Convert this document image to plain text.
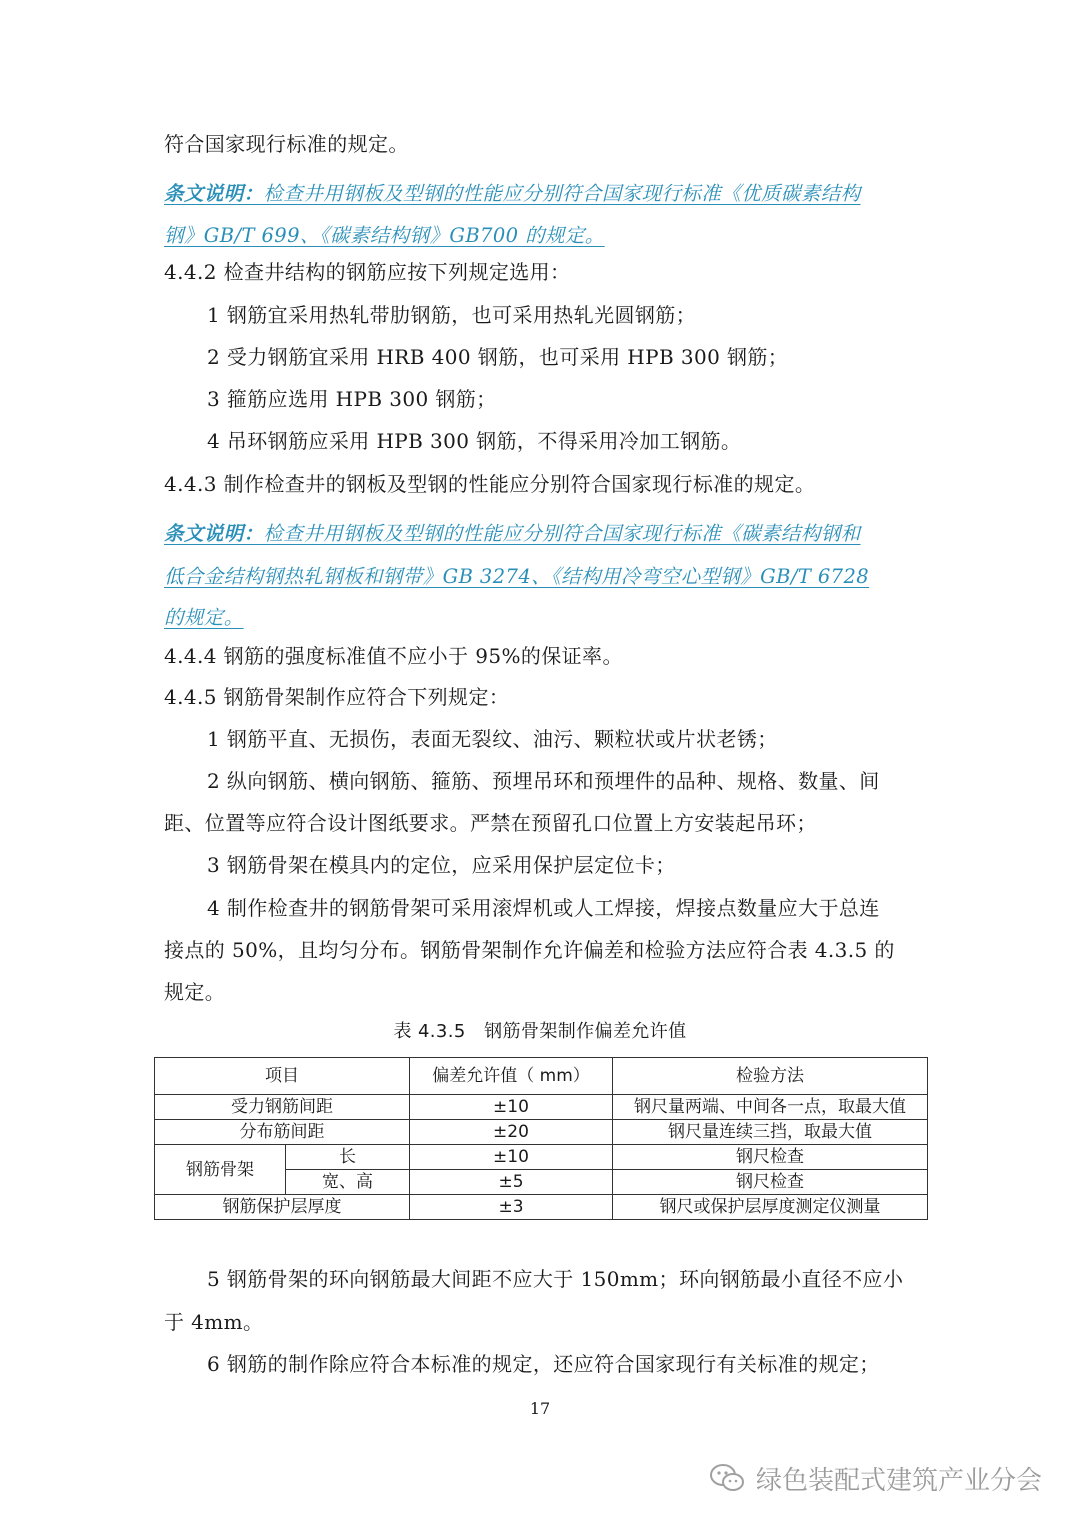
符合国家现行标准的规定。
条文说明：检查井用钢板及型钢的性能应分别符合国家现行标准《优质碳素结构
钢》GB/T 699、《碳素结构钢》GB700 的规定。
4.4.2 检查井结构的钢筋应按下列规定选用：
1 钢筋宜采用热轧带肋钢筋，也可采用热轧光圆钢筋；
2 受力钢筋宜采用 HRB 400 钢筋，也可采用 HPB 300 钢筋；
3 箍筋应选用 HPB 300 钢筋；
4 吊环钢筋应采用 HPB 300 钢筋，不得采用冷加工钢筋。
4.4.3 制作检查井的钢板及型钢的性能应分别符合国家现行标准的规定。
条文说明：检查井用钢板及型钢的性能应分别符合国家现行标准《碳素结构钢和
低合金结构钢热轧钢板和钢带》GB 3274、《结构用冷弯空心型钢》GB/T 6728
的规定。
4.4.4 钢筋的强度标准值不应小于 95%的保证率。
4.4.5 钢筋骨架制作应符合下列规定：
1 钢筋平直、无损伤，表面无裂纹、油污、颗粒状或片状老锈；
2 纵向钢筋、横向钢筋、箍筋、预埋吊环和预埋件的品种、规格、数量、间
距、位置等应符合设计图纸要求。严禁在预留孔口位置上方安装起吊环；
3 钢筋骨架在模具内的定位，应采用保护层定位卡；
4 制作检查井的钢筋骨架可采用滚焊机或人工焊接，焊接点数量应大于总连
接点的 50%，且均匀分布。钢筋骨架制作允许偏差和检验方法应符合表 4.3.5 的
规定。
表 4.3.5　钢筋骨架制作偏差允许值
项目		偏差允许值（ mm）	检验方法
受力钢筋间距		±10	钢尺量两端、中间各一点，取最大值
分布筋间距		±20	钢尺量连续三挡，取最大值
钢筋骨架	长	±10	钢尺检查
	宽、高	±5	钢尺检查
钢筋保护层厚度		±3	钢尺或保护层厚度测定仪测量
5 钢筋骨架的环向钢筋最大间距不应大于 150mm；环向钢筋最小直径不应小
于 4mm。
6 钢筋的制作除应符合本标准的规定，还应符合国家现行有关标准的规定；
17
绿色装配式建筑产业分会
